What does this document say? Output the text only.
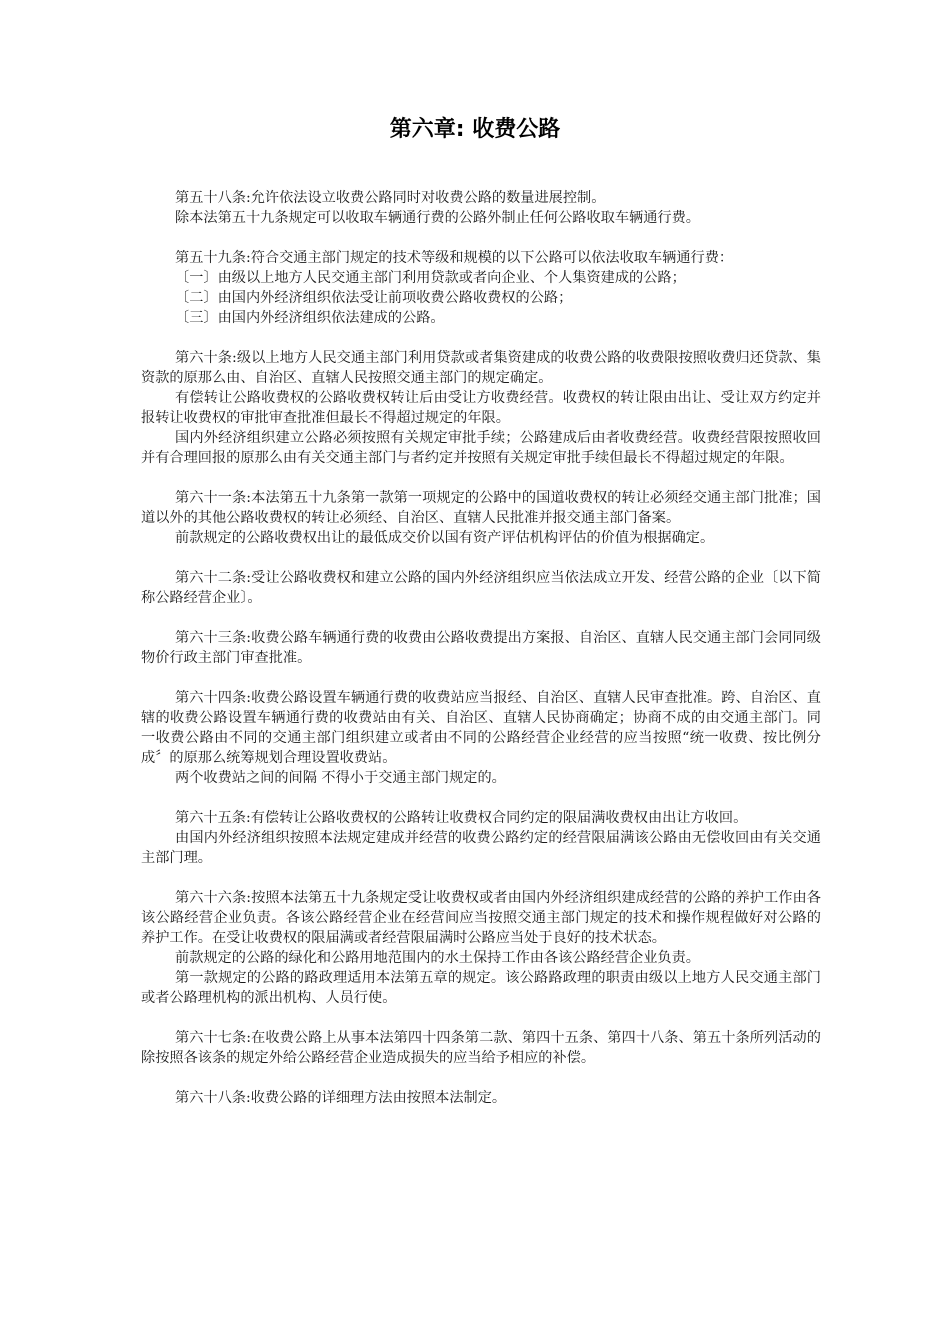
第六章: 收费公路

第五十八条:允许依法设立收费公路同时对收费公路的数量进展控制。

除本法第五十九条规定可以收取车辆通行费的公路外制止任何公路收取车辆通行费。

第五十九条:符合交通主部门规定的技术等级和规模的以下公路可以依法收取车辆通行费：

〔一〕由级以上地方人民交通主部门利用贷款或者向企业、个人集资建成的公路；

〔二〕由国内外经济组织依法受让前项收费公路收费权的公路；

〔三〕由国内外经济组织依法建成的公路。

第六十条:级以上地方人民交通主部门利用贷款或者集资建成的收费公路的收费限按照收费归还贷款、集资款的原那么由、自治区、直辖人民按照交通主部门的规定确定。

有偿转让公路收费权的公路收费权转让后由受让方收费经营。收费权的转让限由出让、受让双方约定并报转让收费权的审批审查批准但最长不得超过规定的年限。

国内外经济组织建立公路必须按照有关规定审批手续；公路建成后由者收费经营。收费经营限按照收回并有合理回报的原那么由有关交通主部门与者约定并按照有关规定审批手续但最长不得超过规定的年限。

第六十一条:本法第五十九条第一款第一项规定的公路中的国道收费权的转让必须经交通主部门批准；国道以外的其他公路收费权的转让必须经、自治区、直辖人民批准并报交通主部门备案。

前款规定的公路收费权出让的最低成交价以国有资产评估机构评估的价值为根据确定。

第六十二条:受让公路收费权和建立公路的国内外经济组织应当依法成立开发、经营公路的企业〔以下简称公路经营企业〕。

第六十三条:收费公路车辆通行费的收费由公路收费提出方案报、自治区、直辖人民交通主部门会同同级物价行政主部门审查批准。

第六十四条:收费公路设置车辆通行费的收费站应当报经、自治区、直辖人民审查批准。跨、自治区、直辖的收费公路设置车辆通行费的收费站由有关、自治区、直辖人民协商确定；协商不成的由交通主部门。同一收费公路由不同的交通主部门组织建立或者由不同的公路经营企业经营的应当按照“统一收费、按比例分成〞的原那么统筹规划合理设置收费站。

两个收费站之间的间隔 不得小于交通主部门规定的。

第六十五条:有偿转让公路收费权的公路转让收费权合同约定的限届满收费权由出让方收回。

由国内外经济组织按照本法规定建成并经营的收费公路约定的经营限届满该公路由无偿收回由有关交通主部门理。

第六十六条:按照本法第五十九条规定受让收费权或者由国内外经济组织建成经营的公路的养护工作由各该公路经营企业负责。各该公路经营企业在经营间应当按照交通主部门规定的技术和操作规程做好对公路的养护工作。在受让收费权的限届满或者经营限届满时公路应当处于良好的技术状态。

前款规定的公路的绿化和公路用地范围内的水土保持工作由各该公路经营企业负责。

第一款规定的公路的路政理适用本法第五章的规定。该公路路政理的职责由级以上地方人民交通主部门或者公路理机构的派出机构、人员行使。

第六十七条:在收费公路上从事本法第四十四条第二款、第四十五条、第四十八条、第五十条所列活动的除按照各该条的规定外给公路经营企业造成损失的应当给予相应的补偿。

第六十八条:收费公路的详细理方法由按照本法制定。
